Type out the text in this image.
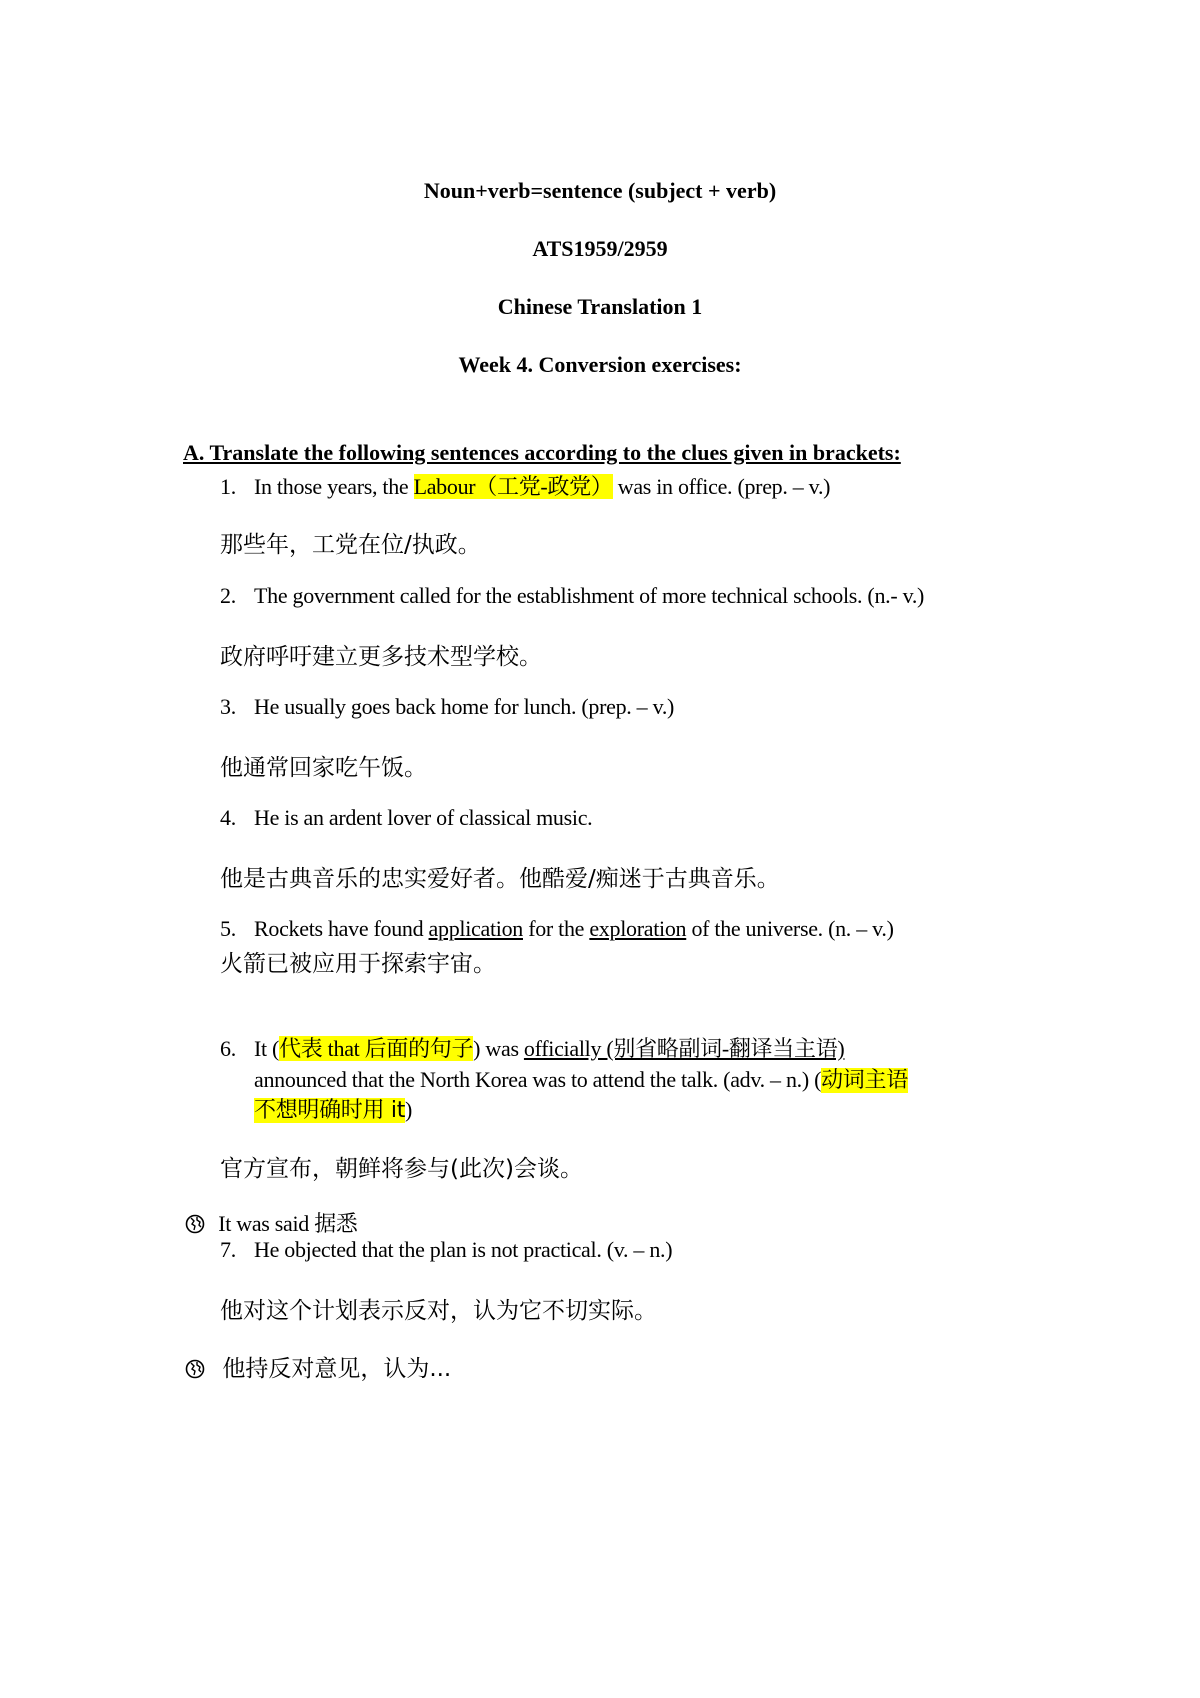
Noun+verb=sentence (subject + verb)
ATS1959/2959
Chinese Translation 1
Week 4. Conversion exercises:
A. Translate the following sentences according to the clues given in brackets:
1. In those years, the Labour（工党-政党） was in office. (prep. – v.)
那些年，工党在位/执政。
2. The government called for the establishment of more technical schools. (n.- v.)
政府呼吁建立更多技术型学校。
3. He usually goes back home for lunch. (prep. – v.)
他通常回家吃午饭。
4. He is an ardent lover of classical music.
他是古典音乐的忠实爱好者。他酷爱/痴迷于古典音乐。
5. Rockets have found application for the exploration of the universe. (n. – v.)
火箭已被应用于探索宇宙。
6. It (代表 that 后面的句子) was officially (别省略副词-翻译当主语)
announced that the North Korea was to attend the talk. (adv. – n.) (动词主语
不想明确时用 it)
官方宣布，朝鲜将参与(此次)会谈。
It was said 据悉
7. He objected that the plan is not practical. (v. – n.)
他对这个计划表示反对，认为它不切实际。
他持反对意见，认为...
